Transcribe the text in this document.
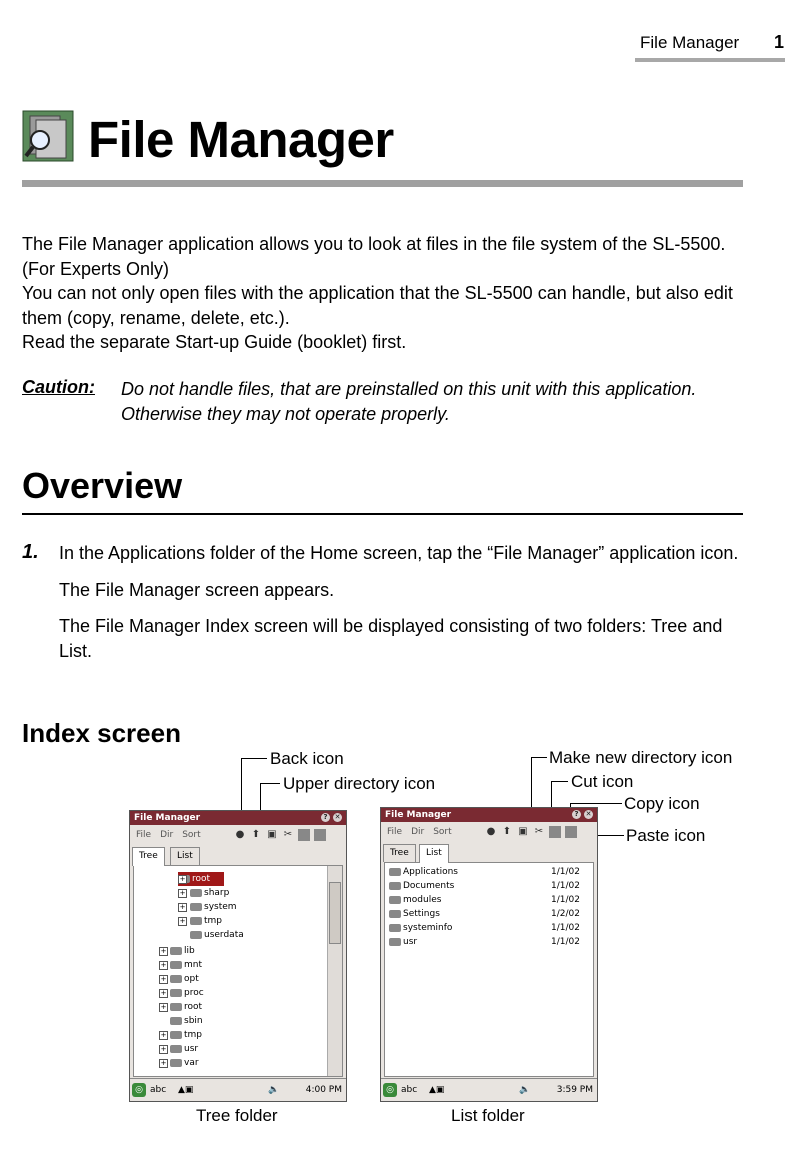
File Manager 1
File Manager

The File Manager application allows you to look at files in the file system of the SL-5500. (For Experts Only)

You can not only open files with the application that the SL-5500 can handle, but also edit them (copy, rename, delete, etc.).

Read the separate Start-up Guide (booklet) first.

Caution: Do not handle files, that are preinstalled on this unit with this application. Otherwise they may not operate properly.
Overview
1. In the Applications folder of the Home screen, tap the “File Manager” application icon.

The File Manager screen appears.

The File Manager Index screen will be displayed consisting of two folders: Tree and List.

Index screen
Back icon
Upper directory icon
Make new directory icon
Cut icon
Copy icon
Paste icon
File Manager	?	✕
File Dir Sort	● ⬆ ▣ ✂
Tree	List
root
+
sharp
+
system
+
tmp
+
userdata
lib
+
mnt
+
opt
+
proc
+
root
+
sbin
tmp
+
usr
+
var
+
◎ abc ▲▣	🔈	4:00 PM
Tree folder
File Manager	?	✕
File Dir Sort	● ⬆ ▣ ✂
Tree	List
Applications	1/1/02
Documents	1/1/02
modules	1/1/02
Settings	1/2/02
systeminfo	1/1/02
usr	1/1/02
◎ abc ▲▣	🔈	3:59 PM
List folder
